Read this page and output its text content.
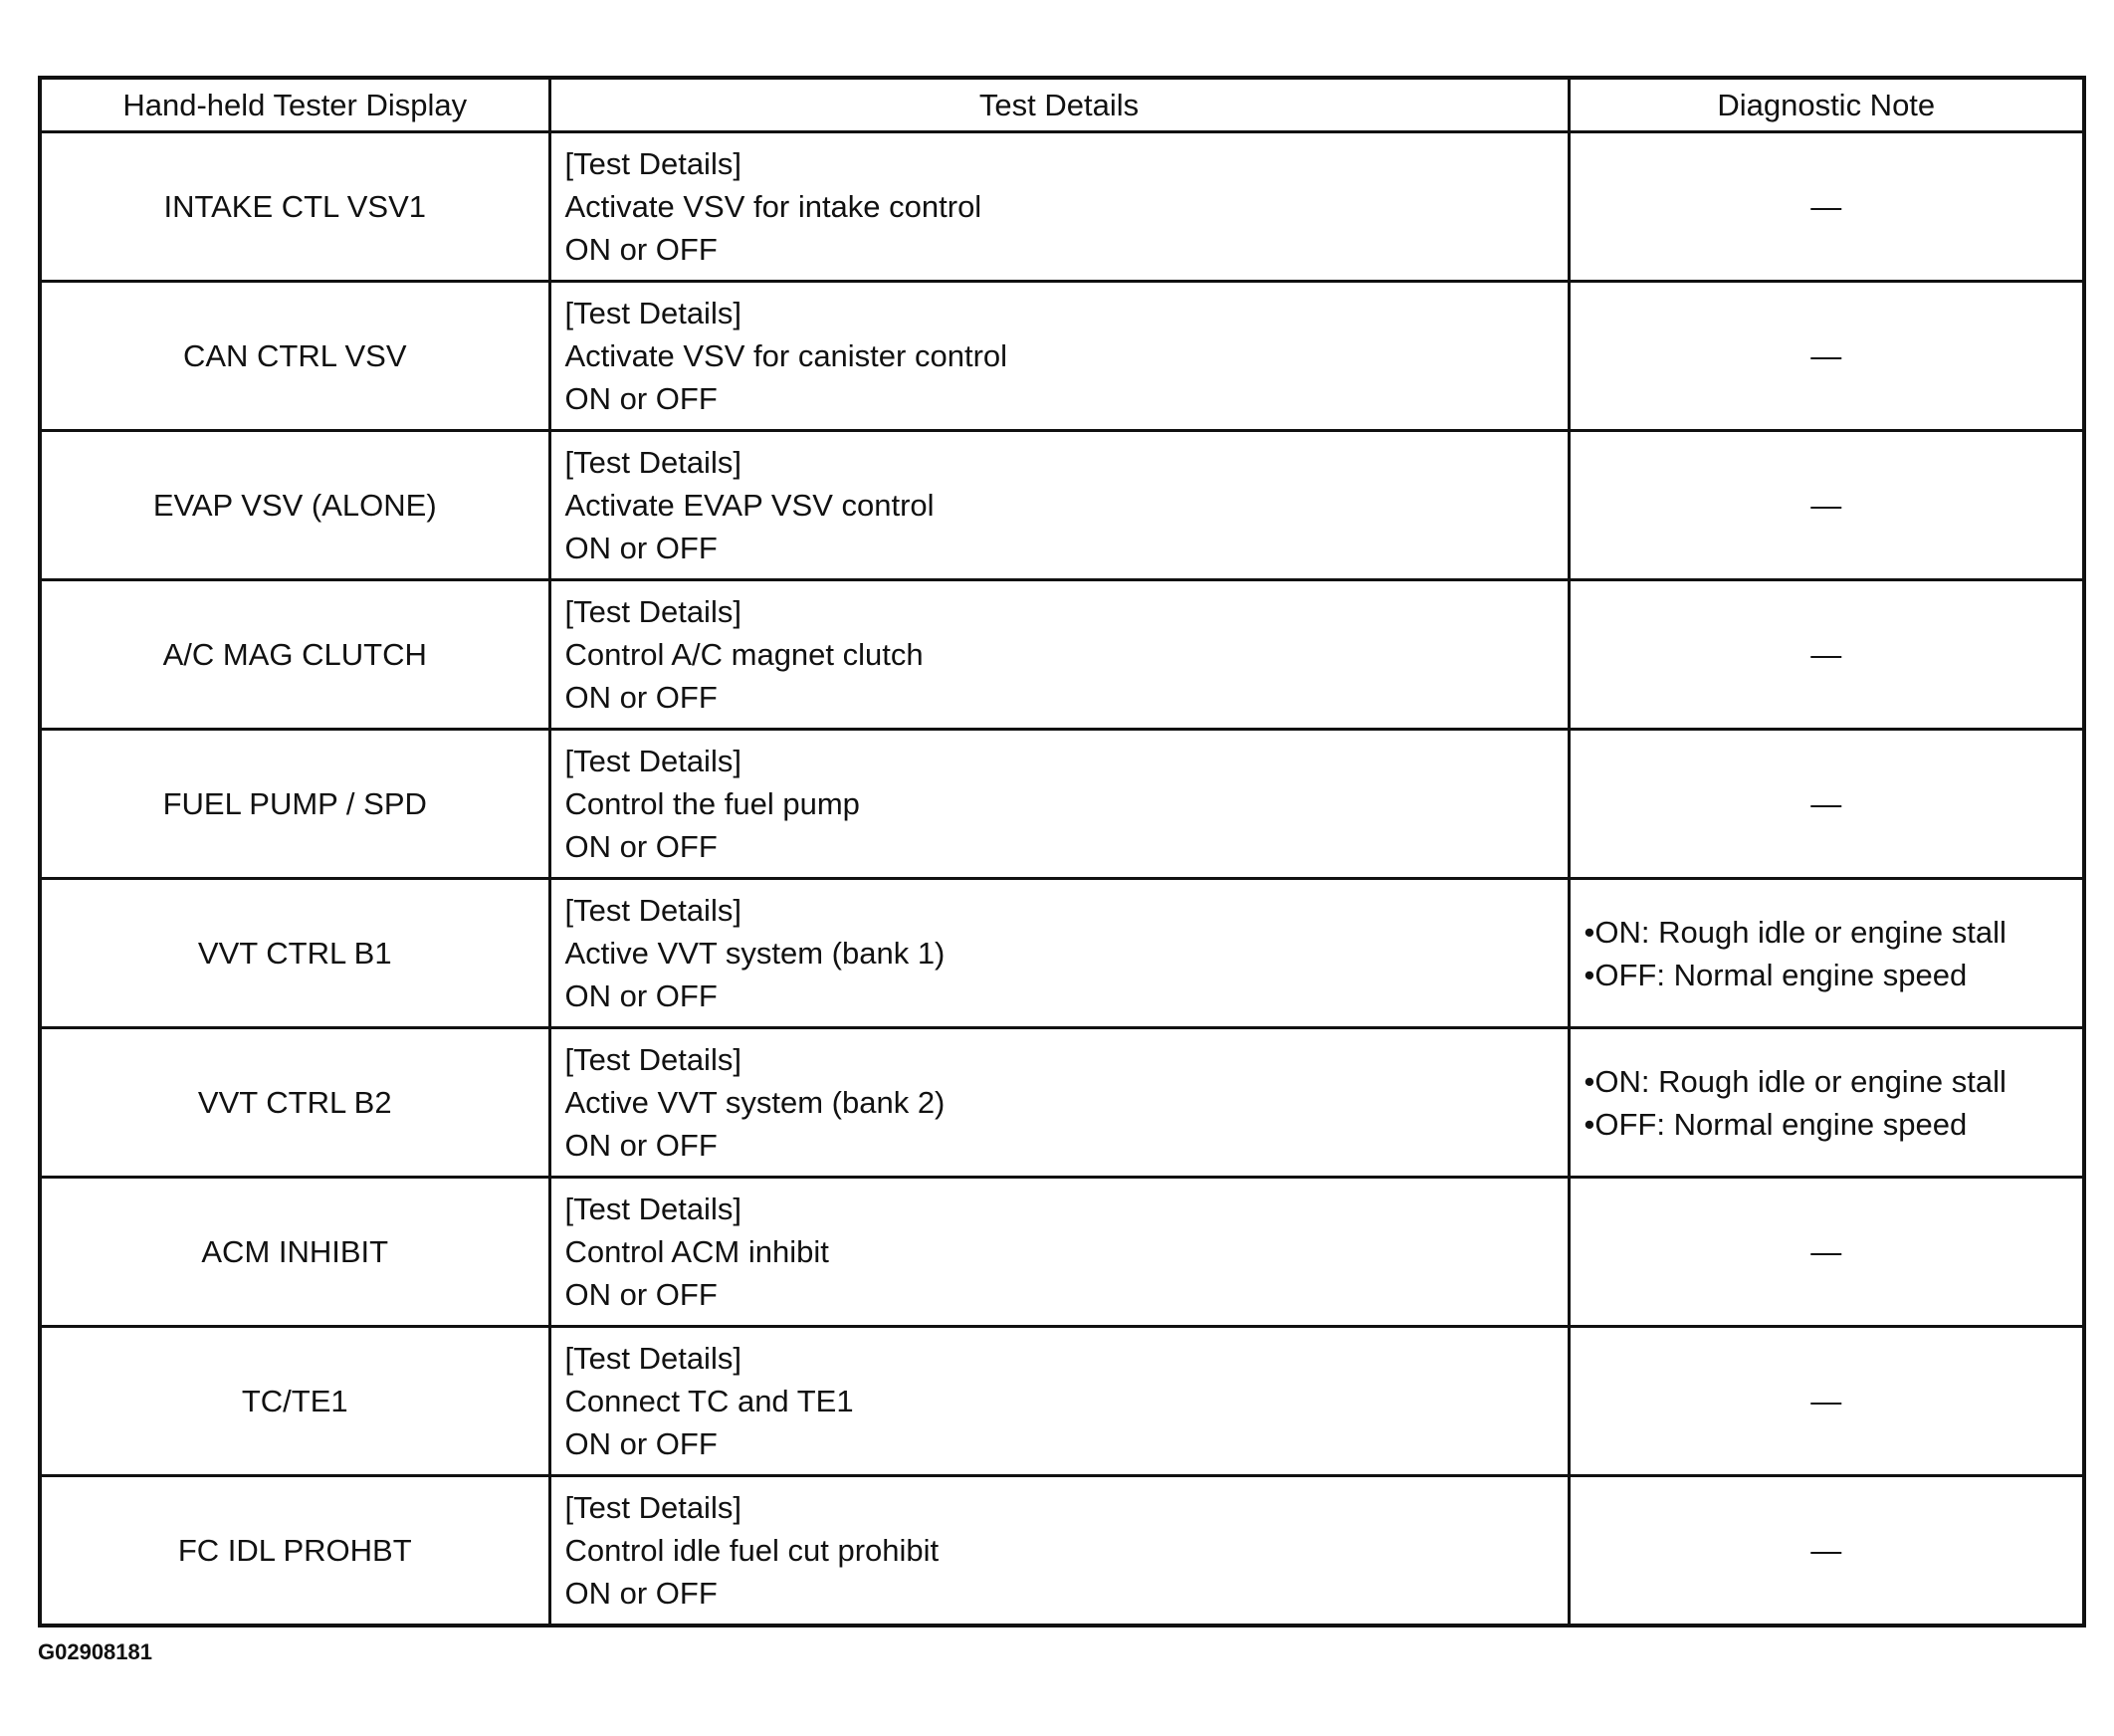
Hand-held Tester Display	Test Details	Diagnostic Note
INTAKE CTL VSV1	[Test Details]
Activate VSV for intake control
ON or OFF	—
CAN CTRL VSV	[Test Details]
Activate VSV for canister control
ON or OFF	—
EVAP VSV (ALONE)	[Test Details]
Activate EVAP VSV control
ON or OFF	—
A/C MAG CLUTCH	[Test Details]
Control A/C magnet clutch
ON or OFF	—
FUEL PUMP / SPD	[Test Details]
Control the fuel pump
ON or OFF	—
VVT CTRL B1	[Test Details]
Active VVT system (bank 1)
ON or OFF	•ON: Rough idle or engine stall
•OFF: Normal engine speed

VVT CTRL B2	[Test Details]
Active VVT system (bank 2)
ON or OFF	•ON: Rough idle or engine stall
•OFF: Normal engine speed

ACM INHIBIT	[Test Details]
Control ACM inhibit
ON or OFF	—
TC/TE1	[Test Details]
Connect TC and TE1
ON or OFF	—
FC IDL PROHBT	[Test Details]
Control idle fuel cut prohibit
ON or OFF	—
G02908181
